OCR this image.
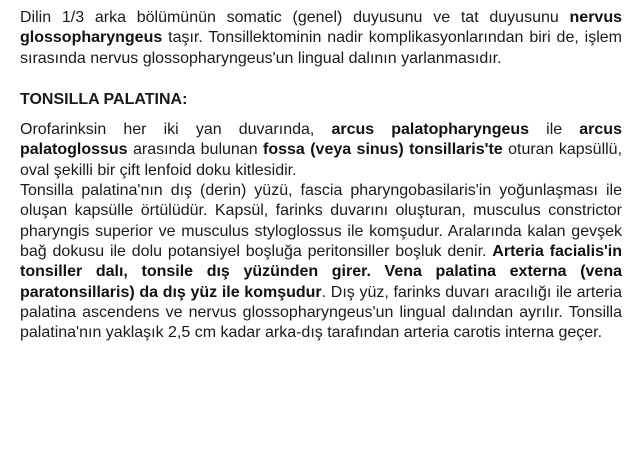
Dilin 1/3 arka bölümünün somatic (genel) duyusunu ve tat duyusunu nervus glossopharyngeus taşır. Tonsillektominin nadir komplikasyonlarından biri de, işlem sırasında nervus glossopharyngeus'un lingual dalının yarlanmasıdır.

TONSILLA PALATINA:

Orofarinksin her iki yan duvarında, arcus palatopharyngeus ile arcus palatoglossus arasında bulunan fossa (veya sinus) tonsillaris'te oturan kapsüllü, oval şekilli bir çift lenfoid doku kitlesidir.

Tonsilla palatina'nın dış (derin) yüzü, fascia pharyngobasilaris'in yoğunlaşması ile oluşan kapsülle örtülüdür. Kapsül, farinks duvarını oluşturan, musculus constrictor pharyngis superior ve musculus styloglossus ile komşudur. Aralarında kalan gevşek bağ dokusu ile dolu potansiyel boşluğa peritonsiller boşluk denir. Arteria facialis'in tonsiller dalı, tonsile dış yüzünden girer. Vena palatina externa (vena paratonsillaris) da dış yüz ile komşudur. Dış yüz, farinks duvarı aracılığı ile arteria palatina ascendens ve nervus glossopharyngeus'un lingual dalından ayrılır. Tonsilla palatina'nın yaklaşık 2,5 cm kadar arka-dış tarafından arteria carotis interna geçer.
